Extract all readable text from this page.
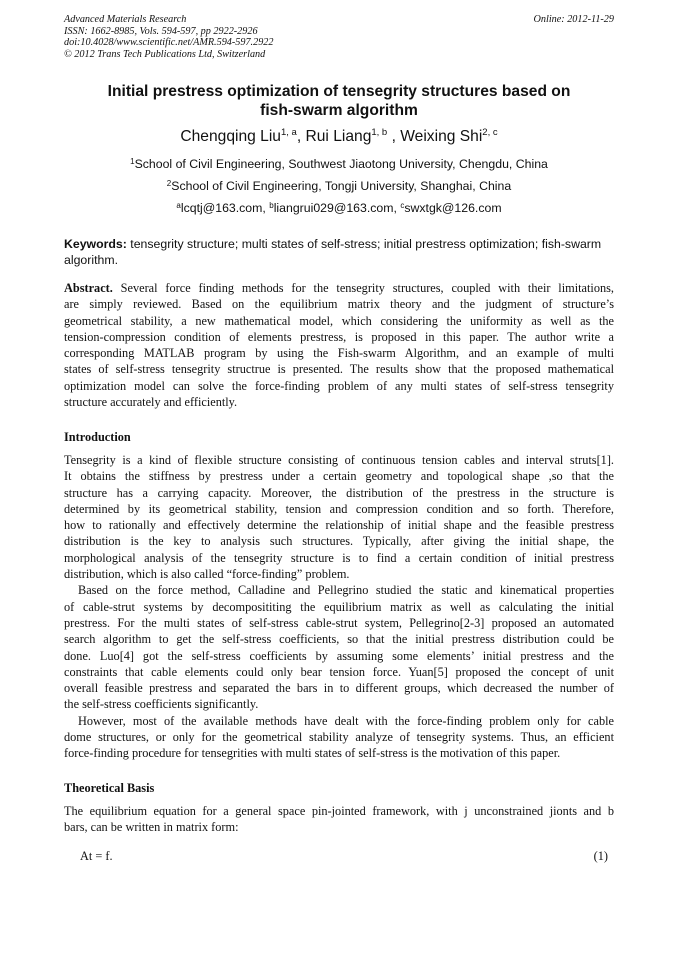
Advanced Materials Research
ISSN: 1662-8985, Vols. 594-597, pp 2922-2926
doi:10.4028/www.scientific.net/AMR.594-597.2922
© 2012 Trans Tech Publications Ltd, Switzerland
Online: 2012-11-29
Initial prestress optimization of tensegrity structures based on
fish-swarm algorithm
Chengqing Liu$^{1, a}$, Rui Liang$^{1, b}$ , Weixing Shi$^{2, c}$
$^1$School of Civil Engineering, Southwest Jiaotong University, Chengdu, China
$^2$School of Civil Engineering, Tongji University, Shanghai, China
$^a$lcqtj@163.com, $^b$liangrui029@163.com, $^c$swxtgk@126.com
Keywords: tensegrity structure; multi states of self-stress; initial prestress optimization; fish-swarm
algorithm.
Abstract. Several force finding methods for the tensegrity structures, coupled with their limitations,
are simply reviewed. Based on the equilibrium matrix theory and the judgment of structure’s
geometrical stability, a new mathematical model, which considering the uniformity as well as the
tension-compression condition of elements prestress, is proposed in this paper. The author write a
corresponding MATLAB program by using the Fish-swarm Algorithm, and an example of multi
states of self-stress tensegrity structrue is presented. The results show that the proposed mathematical
optimization model can solve the force-finding problem of any multi states of self-stress tensegrity
structure accurately and efficiently.
Introduction
Tensegrity is a kind of flexible structure consisting of continuous tension cables and interval struts[1].
It obtains the stiffness by prestress under a certain geometry and topological shape ,so that the
structure has a carrying capacity. Moreover, the distribution of the prestress in the structure is
determined by its geometrical stability, tension and compression condition and so forth. Therefore,
how to rationally and effectively determine the relationship of initial shape and the feasible prestress
distribution is the key to analysis such structures. Typically, after giving the initial shape, the
morphological analysis of the tensegrity structure is to find a certain condition of initial prestress
distribution, which is also called “force-finding” problem.
Based on the force method, Calladine and Pellegrino studied the static and kinematical properties
of cable-strut systems by decomposititing the equilibrium matrix as well as calculating the initial
prestress. For the multi states of self-stress cable-strut system, Pellegrino[2-3] proposed an automated
search algorithm to get the self-stress coefficients, so that the initial prestress distribution could be
done. Luo[4] got the self-stress coefficients by assuming some elements’ initial prestress and the
constraints that cable elements could only bear tension force. Yuan[5] proposed the concept of unit
overall feasible prestress and separated the bars in to different groups, which decreased the number of
the self-stress coefficients significantly.
However, most of the available methods have dealt with the force-finding problem only for cable
dome structures, or only for the geometrical stability analyze of tensegrity systems. Thus, an efficient
force-finding procedure for tensegrities with multi states of self-stress is the motivation of this paper.
Theoretical Basis
The equilibrium equation for a general space pin-jointed framework, with j unconstrained jionts and b
bars, can be written in matrix form:
At = f.	(1)
